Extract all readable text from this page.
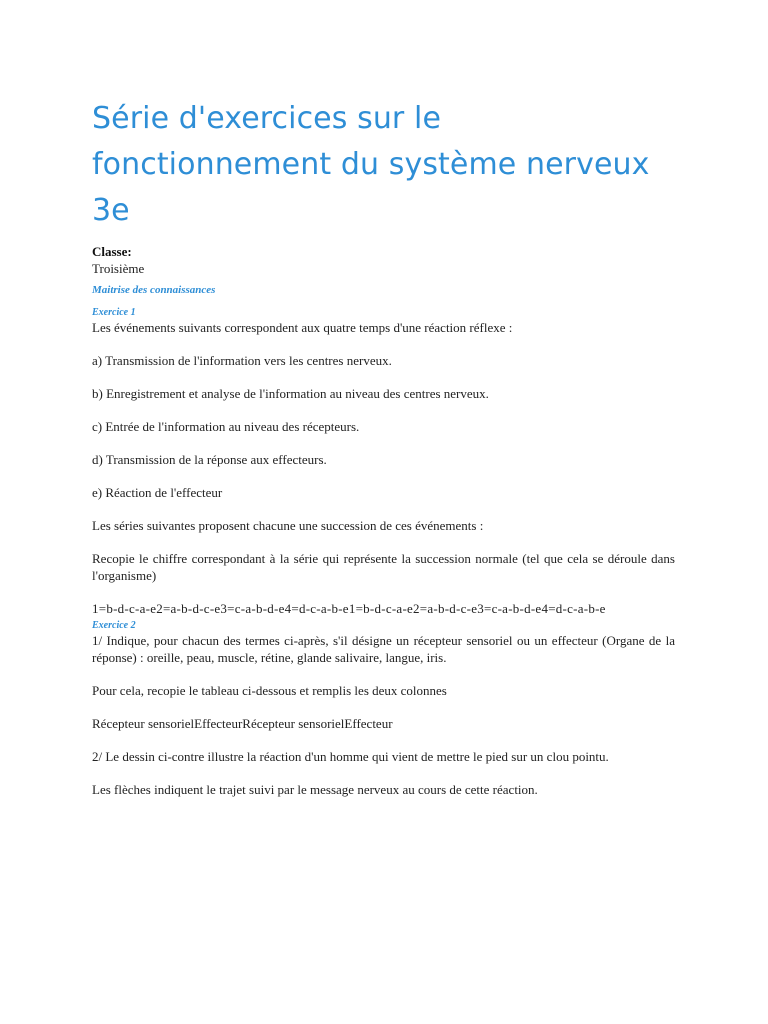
Série d'exercices sur le
fonctionnement du système nerveux
3e
Classe:
Troisième
Maitrise des connaissances
Exercice 1

Les événements suivants correspondent aux quatre temps d'une réaction réflexe :

a) Transmission de l'information vers les centres nerveux.

b) Enregistrement et analyse de l'information au niveau des centres nerveux.

c) Entrée de l'information au niveau des récepteurs.

d) Transmission de la réponse aux effecteurs.

e) Réaction de l'effecteur

Les séries suivantes proposent chacune une succession de ces événements :

Recopie le chiffre correspondant à la série qui représente la succession normale (tel que cela se déroule dans l'organisme)

1=b-d-c-a-e2=a-b-d-c-e3=c-a-b-d-e4=d-c-a-b-e1=b-d-c-a-e2=a-b-d-c-e3=c-a-b-d-e4=d-c-a-b-e

Exercice 2

1/ Indique, pour chacun des termes ci-après, s'il désigne un récepteur sensoriel ou un effecteur (Organe de la réponse) : oreille, peau, muscle, rétine, glande salivaire, langue, iris.

Pour cela, recopie le tableau ci-dessous et remplis les deux colonnes

Récepteur sensorielEffecteurRécepteur sensorielEffecteur

2/ Le dessin ci-contre illustre la réaction d'un homme qui vient de mettre le pied sur un clou pointu.

Les flèches indiquent le trajet suivi par le message nerveux au cours de cette réaction.
